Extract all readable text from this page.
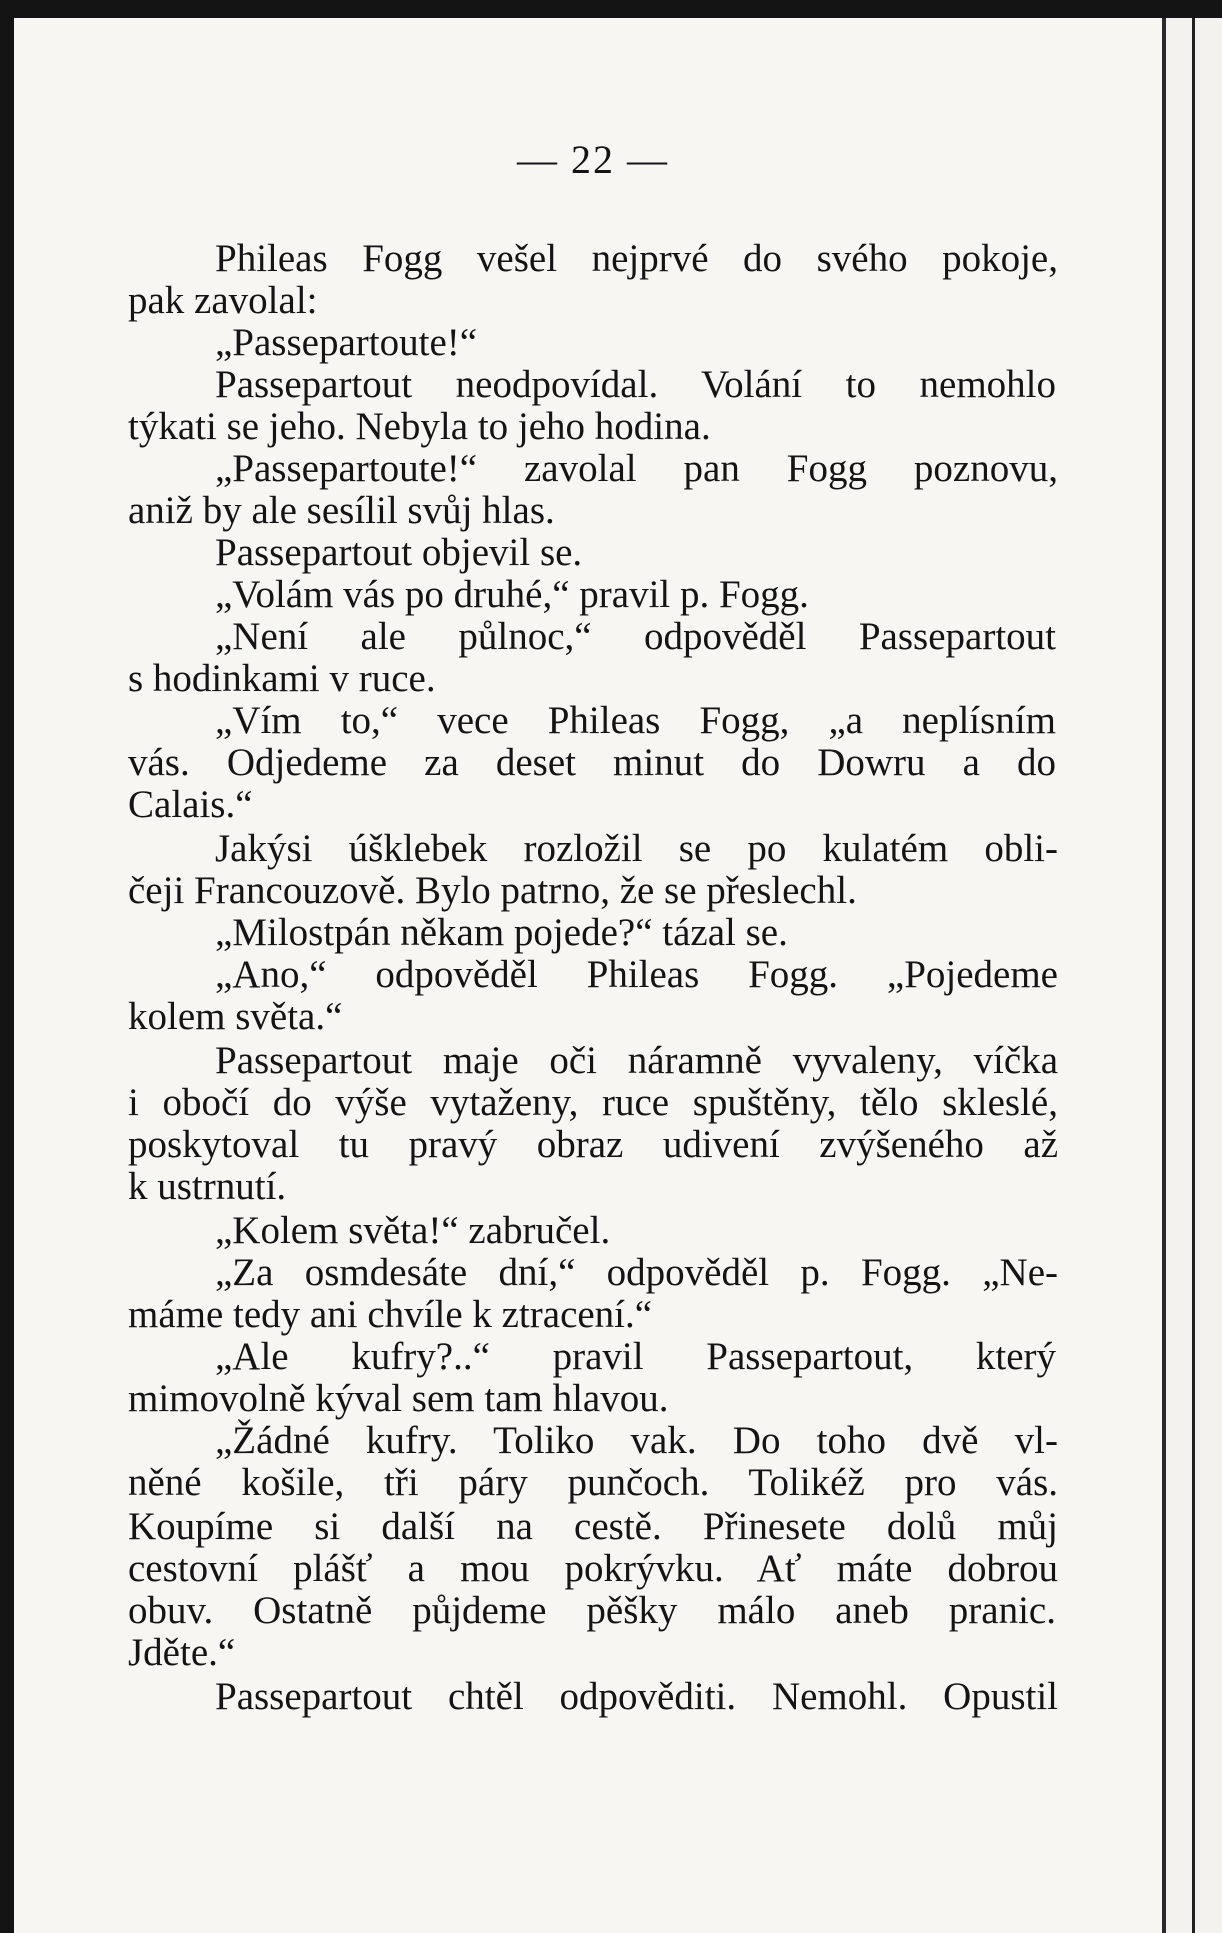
— 22 —
Phileas Fogg vešel nejprvé do svého pokoje,
pak zavolal:
„Passepartoute!“
Passepartout neodpovídal. Volání to nemohlo
týkati se jeho. Nebyla to jeho hodina.
„Passepartoute!“ zavolal pan Fogg poznovu,
aniž by ale sesílil svůj hlas.
Passepartout objevil se.
„Volám vás po druhé,“ pravil p. Fogg.
„Není ale půlnoc,“ odpověděl Passepartout
s hodinkami v ruce.
„Vím to,“ vece Phileas Fogg, „a neplísním
vás. Odjedeme za deset minut do Dowru a do
Calais.“
Jakýsi úšklebek rozložil se po kulatém obli-
čeji Francouzově. Bylo patrno, že se přeslechl.
„Milostpán někam pojede?“ tázal se.
„Ano,“ odpověděl Phileas Fogg. „Pojedeme
kolem světa.“
Passepartout maje oči náramně vyvaleny, víčka
i obočí do výše vytaženy, ruce spuštěny, tělo skleslé,
poskytoval tu pravý obraz udivení zvýšeného až
k ustrnutí.
„Kolem světa!“ zabručel.
„Za osmdesáte dní,“ odpověděl p. Fogg. „Ne-
máme tedy ani chvíle k ztracení.“
„Ale kufry?..“ pravil Passepartout, který
mimovolně kýval sem tam hlavou.
„Žádné kufry. Toliko vak. Do toho dvě vl-
něné košile, tři páry punčoch. Tolikéž pro vás.
Koupíme si další na cestě. Přinesete dolů můj
cestovní plášť a mou pokrývku. Ať máte dobrou
obuv. Ostatně půjdeme pěšky málo aneb pranic.
Jděte.“
Passepartout chtěl odpověditi. Nemohl. Opustil
